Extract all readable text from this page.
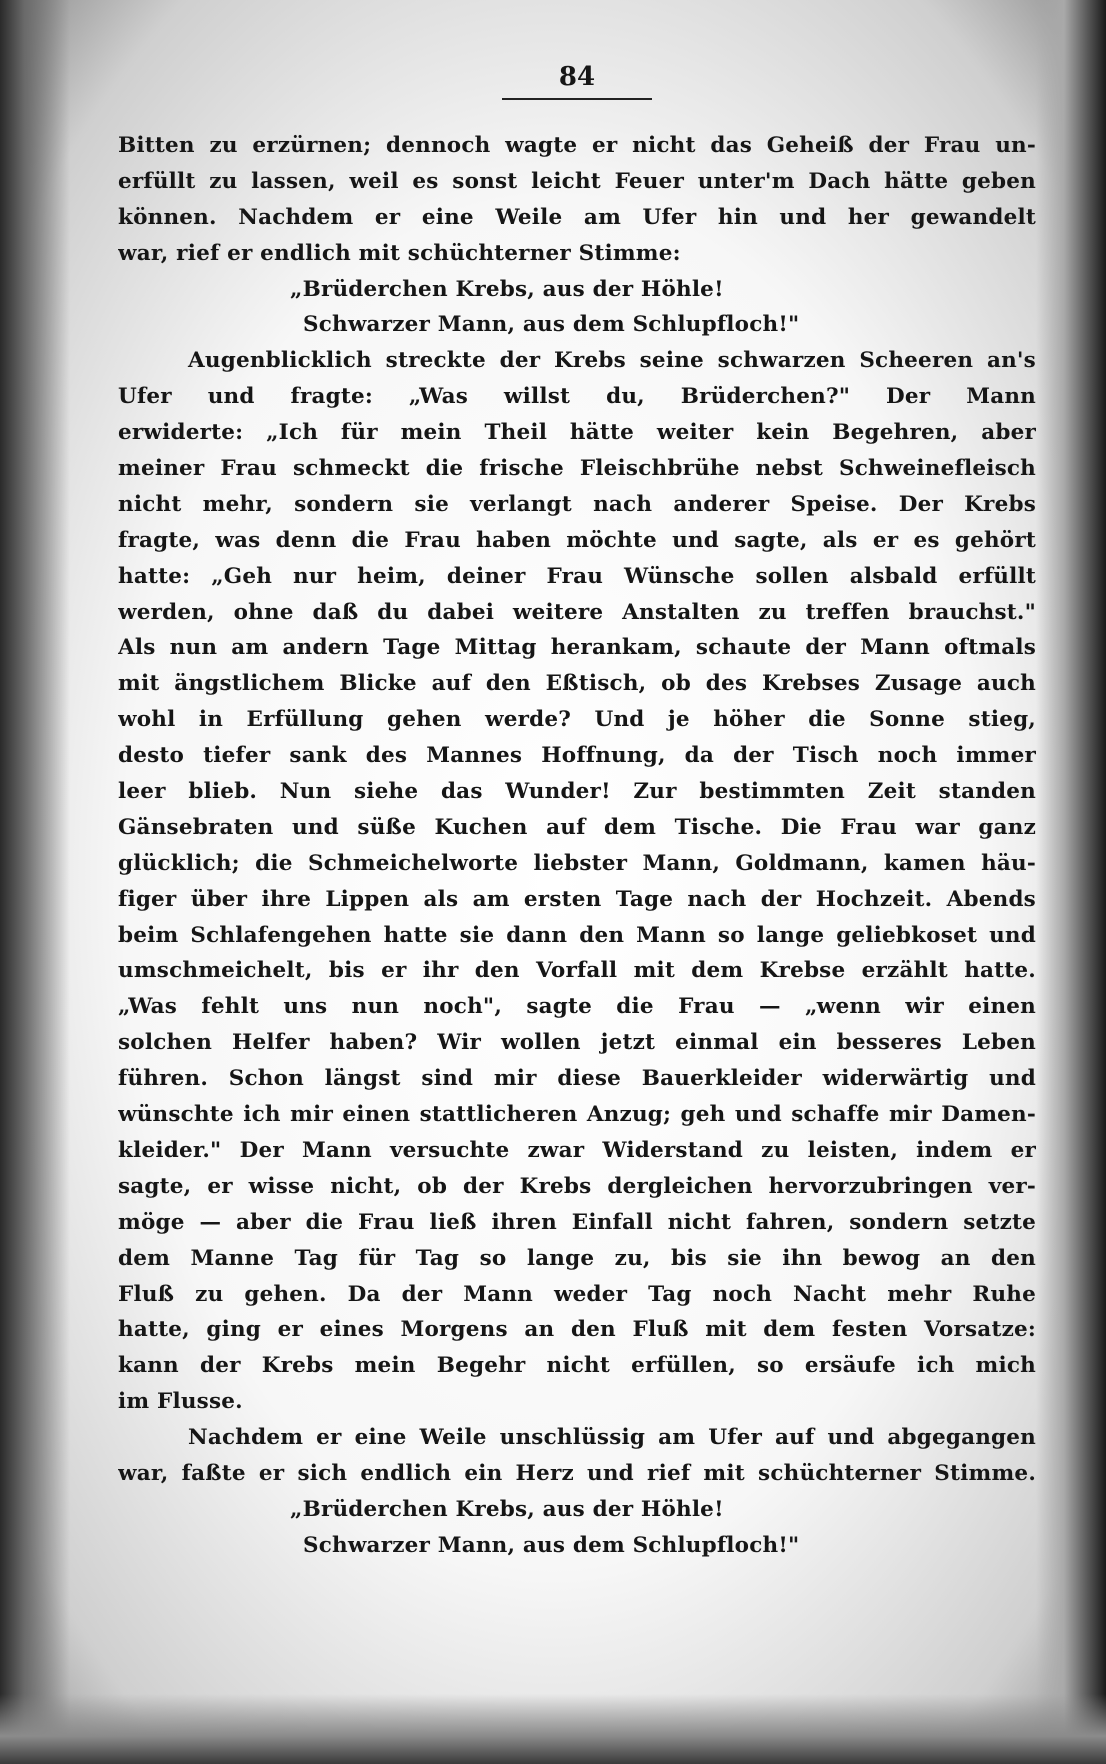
84
Bitten zu erzürnen; dennoch wagte er nicht das Geheiß der Frau un-
erfüllt zu lassen, weil es sonst leicht Feuer unter'm Dach hätte geben
können. Nachdem er eine Weile am Ufer hin und her gewandelt
war, rief er endlich mit schüchterner Stimme:
„Brüderchen Krebs, aus der Höhle!
Schwarzer Mann, aus dem Schlupfloch!"
Augenblicklich streckte der Krebs seine schwarzen Scheeren an's
Ufer und fragte: „Was willst du, Brüderchen?" Der Mann
erwiderte: „Ich für mein Theil hätte weiter kein Begehren, aber
meiner Frau schmeckt die frische Fleischbrühe nebst Schweinefleisch
nicht mehr, sondern sie verlangt nach anderer Speise. Der Krebs
fragte, was denn die Frau haben möchte und sagte, als er es gehört
hatte: „Geh nur heim, deiner Frau Wünsche sollen alsbald erfüllt
werden, ohne daß du dabei weitere Anstalten zu treffen brauchst."
Als nun am andern Tage Mittag herankam, schaute der Mann oftmals
mit ängstlichem Blicke auf den Eßtisch, ob des Krebses Zusage auch
wohl in Erfüllung gehen werde? Und je höher die Sonne stieg,
desto tiefer sank des Mannes Hoffnung, da der Tisch noch immer
leer blieb. Nun siehe das Wunder! Zur bestimmten Zeit standen
Gänsebraten und süße Kuchen auf dem Tische. Die Frau war ganz
glücklich; die Schmeichelworte liebster Mann, Goldmann, kamen häu-
figer über ihre Lippen als am ersten Tage nach der Hochzeit. Abends
beim Schlafengehen hatte sie dann den Mann so lange geliebkoset und
umschmeichelt, bis er ihr den Vorfall mit dem Krebse erzählt hatte.
„Was fehlt uns nun noch", sagte die Frau — „wenn wir einen
solchen Helfer haben? Wir wollen jetzt einmal ein besseres Leben
führen. Schon längst sind mir diese Bauerkleider widerwärtig und
wünschte ich mir einen stattlicheren Anzug; geh und schaffe mir Damen-
kleider." Der Mann versuchte zwar Widerstand zu leisten, indem er
sagte, er wisse nicht, ob der Krebs dergleichen hervorzubringen ver-
möge — aber die Frau ließ ihren Einfall nicht fahren, sondern setzte
dem Manne Tag für Tag so lange zu, bis sie ihn bewog an den
Fluß zu gehen. Da der Mann weder Tag noch Nacht mehr Ruhe
hatte, ging er eines Morgens an den Fluß mit dem festen Vorsatze:
kann der Krebs mein Begehr nicht erfüllen, so ersäufe ich mich
im Flusse.
Nachdem er eine Weile unschlüssig am Ufer auf und abgegangen
war, faßte er sich endlich ein Herz und rief mit schüchterner Stimme.
„Brüderchen Krebs, aus der Höhle!
Schwarzer Mann, aus dem Schlupfloch!"
